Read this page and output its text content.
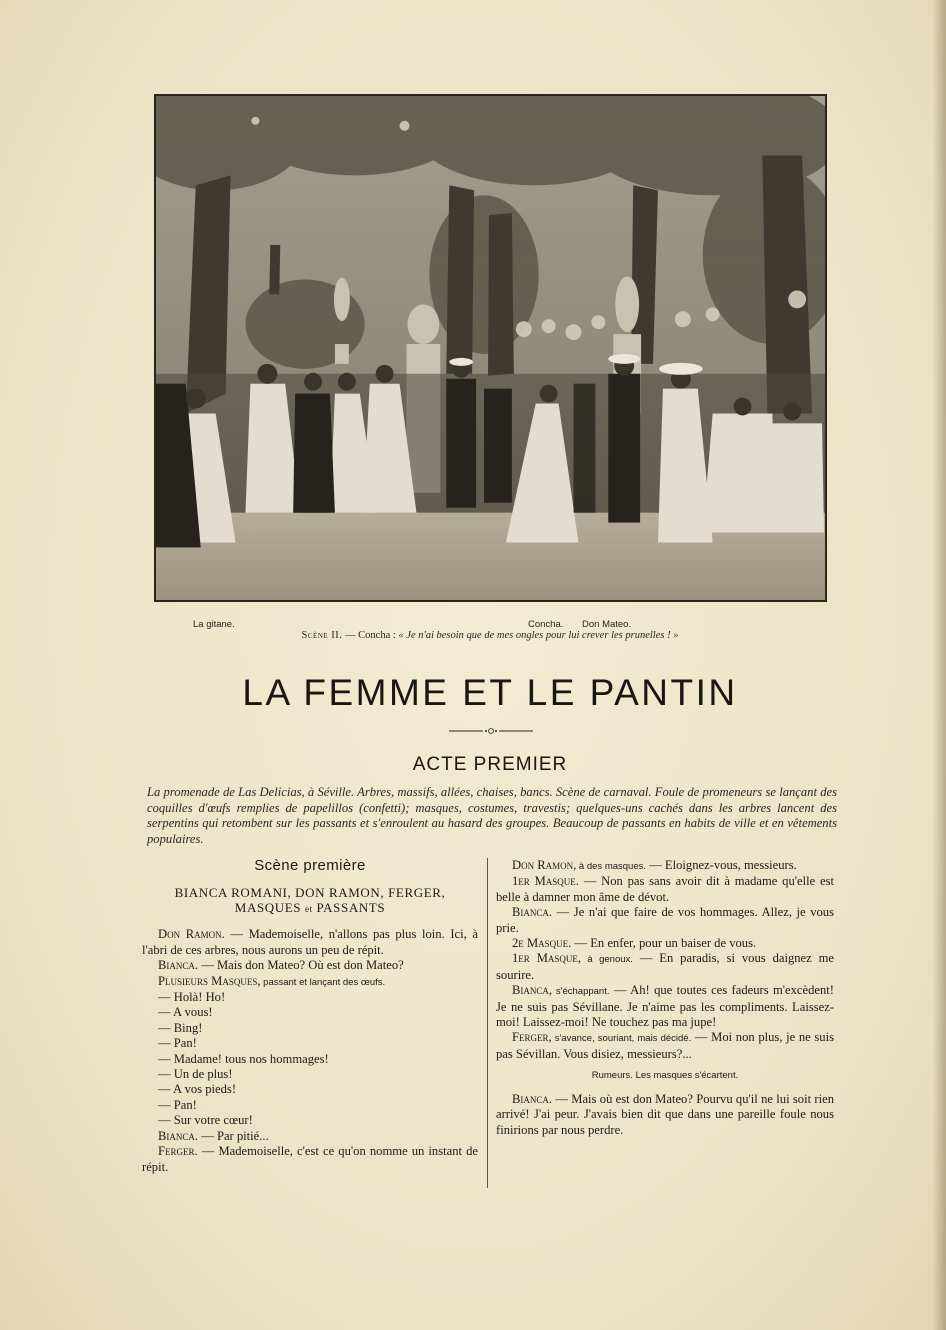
La gitane.	Concha. Don Mateo.
Scène II. — Concha : « Je n'ai besoin que de mes ongles pour lui crever les prunelles ! »
LA FEMME ET LE PANTIN
ACTE PREMIER
La promenade de Las Delicias, à Séville. Arbres, massifs, allées, chaises, bancs. Scène de carnaval. Foule de promeneurs se lançant des coquilles d'œufs remplies de papelillos (confetti); masques, costumes, travestis; quelques-uns cachés dans les arbres lancent des serpentins qui retombent sur les passants et s'enroulent au hasard des groupes. Beaucoup de passants en habits de ville et en vêtements populaires.

Scène première

BIANCA ROMANI, DON RAMON, FERGER,
MASQUES et PASSANTS

Don Ramon. — Mademoiselle, n'allons pas plus loin. Ici, à l'abri de ces arbres, nous aurons un peu de répit.

Bianca. — Mais don Mateo? Où est don Mateo?

Plusieurs Masques, passant et lançant des œufs.

— Holà! Ho!

— A vous!

— Bing!

— Pan!

— Madame! tous nos hommages!

— Un de plus!

— A vos pieds!

— Pan!

— Sur votre cœur!

Bianca. — Par pitié...

Ferger. — Mademoiselle, c'est ce qu'on nomme un instant de répit.

Don Ramon, à des masques. — Eloignez-vous, messieurs.

1er Masque. — Non pas sans avoir dit à madame qu'elle est belle à damner mon âme de dévot.

Bianca. — Je n'ai que faire de vos hommages. Allez, je vous prie.

2e Masque. — En enfer, pour un baiser de vous.

1er Masque, à genoux. — En paradis, si vous daignez me sourire.

Bianca, s'échappant. — Ah! que toutes ces fadeurs m'excèdent! Je ne suis pas Sévillane. Je n'aime pas les compliments. Laissez-moi! Laissez-moi! Ne touchez pas ma jupe!

Ferger, s'avance, souriant, mais décidé. — Moi non plus, je ne suis pas Sévillan. Vous disiez, messieurs?...

Rumeurs. Les masques s'écartent.

Bianca. — Mais où est don Mateo? Pourvu qu'il ne lui soit rien arrivé! J'ai peur. J'avais bien dit que dans une pareille foule nous finirions par nous perdre.
